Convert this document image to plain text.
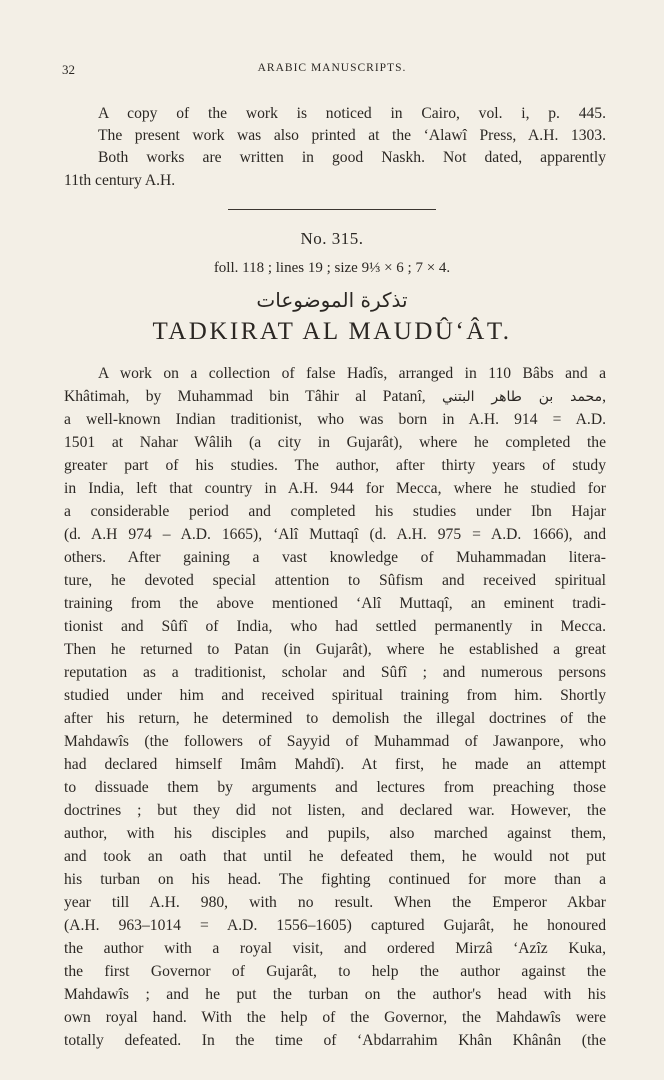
32	ARABIC MANUSCRIPTS.
A copy of the work is noticed in Cairo, vol. i, p. 445.
The present work was also printed at the ‘Alawî Press, A.H. 1303.
Both works are written in good Naskh. Not dated, apparently
11th century A.H.
No. 315.
foll. 118 ; lines 19 ; size 9⅓ × 6 ; 7 × 4.
تذكرة الموضوعات
TADKIRAT AL MAUDÛ‘ÂT.
A work on a collection of false Hadîs, arranged in 110 Bâbs and a
Khâtimah, by Muhammad bin Tâhir al Patanî, محمد بن طاهر البتني,
a well-known Indian traditionist, who was born in A.H. 914 = A.D.
1501 at Nahar Wâlih (a city in Gujarât), where he completed the
greater part of his studies. The author, after thirty years of study
in India, left that country in A.H. 944 for Mecca, where he studied for
a considerable period and completed his studies under Ibn Hajar
(d. A.H 974 – A.D. 1665), ‘Alî Muttaqî (d. A.H. 975 = A.D. 1666), and
others. After gaining a vast knowledge of Muhammadan litera-
ture, he devoted special attention to Sûfism and received spiritual
training from the above mentioned ‘Alî Muttaqî, an eminent tradi-
tionist and Sûfî of India, who had settled permanently in Mecca.
Then he returned to Patan (in Gujarât), where he established a great
reputation as a traditionist, scholar and Sûfî ; and numerous persons
studied under him and received spiritual training from him. Shortly
after his return, he determined to demolish the illegal doctrines of the
Mahdawîs (the followers of Sayyid of Muhammad of Jawanpore, who
had declared himself Imâm Mahdî). At first, he made an attempt
to dissuade them by arguments and lectures from preaching those
doctrines ; but they did not listen, and declared war. However, the
author, with his disciples and pupils, also marched against them,
and took an oath that until he defeated them, he would not put
his turban on his head. The fighting continued for more than a
year till A.H. 980, with no result. When the Emperor Akbar
(A.H. 963–1014 = A.D. 1556–1605) captured Gujarât, he honoured
the author with a royal visit, and ordered Mirzâ ‘Azîz Kuka,
the first Governor of Gujarât, to help the author against the
Mahdawîs ; and he put the turban on the author's head with his
own royal hand. With the help of the Governor, the Mahdawîs were
totally defeated. In the time of ‘Abdarrahim Khân Khânân (the
